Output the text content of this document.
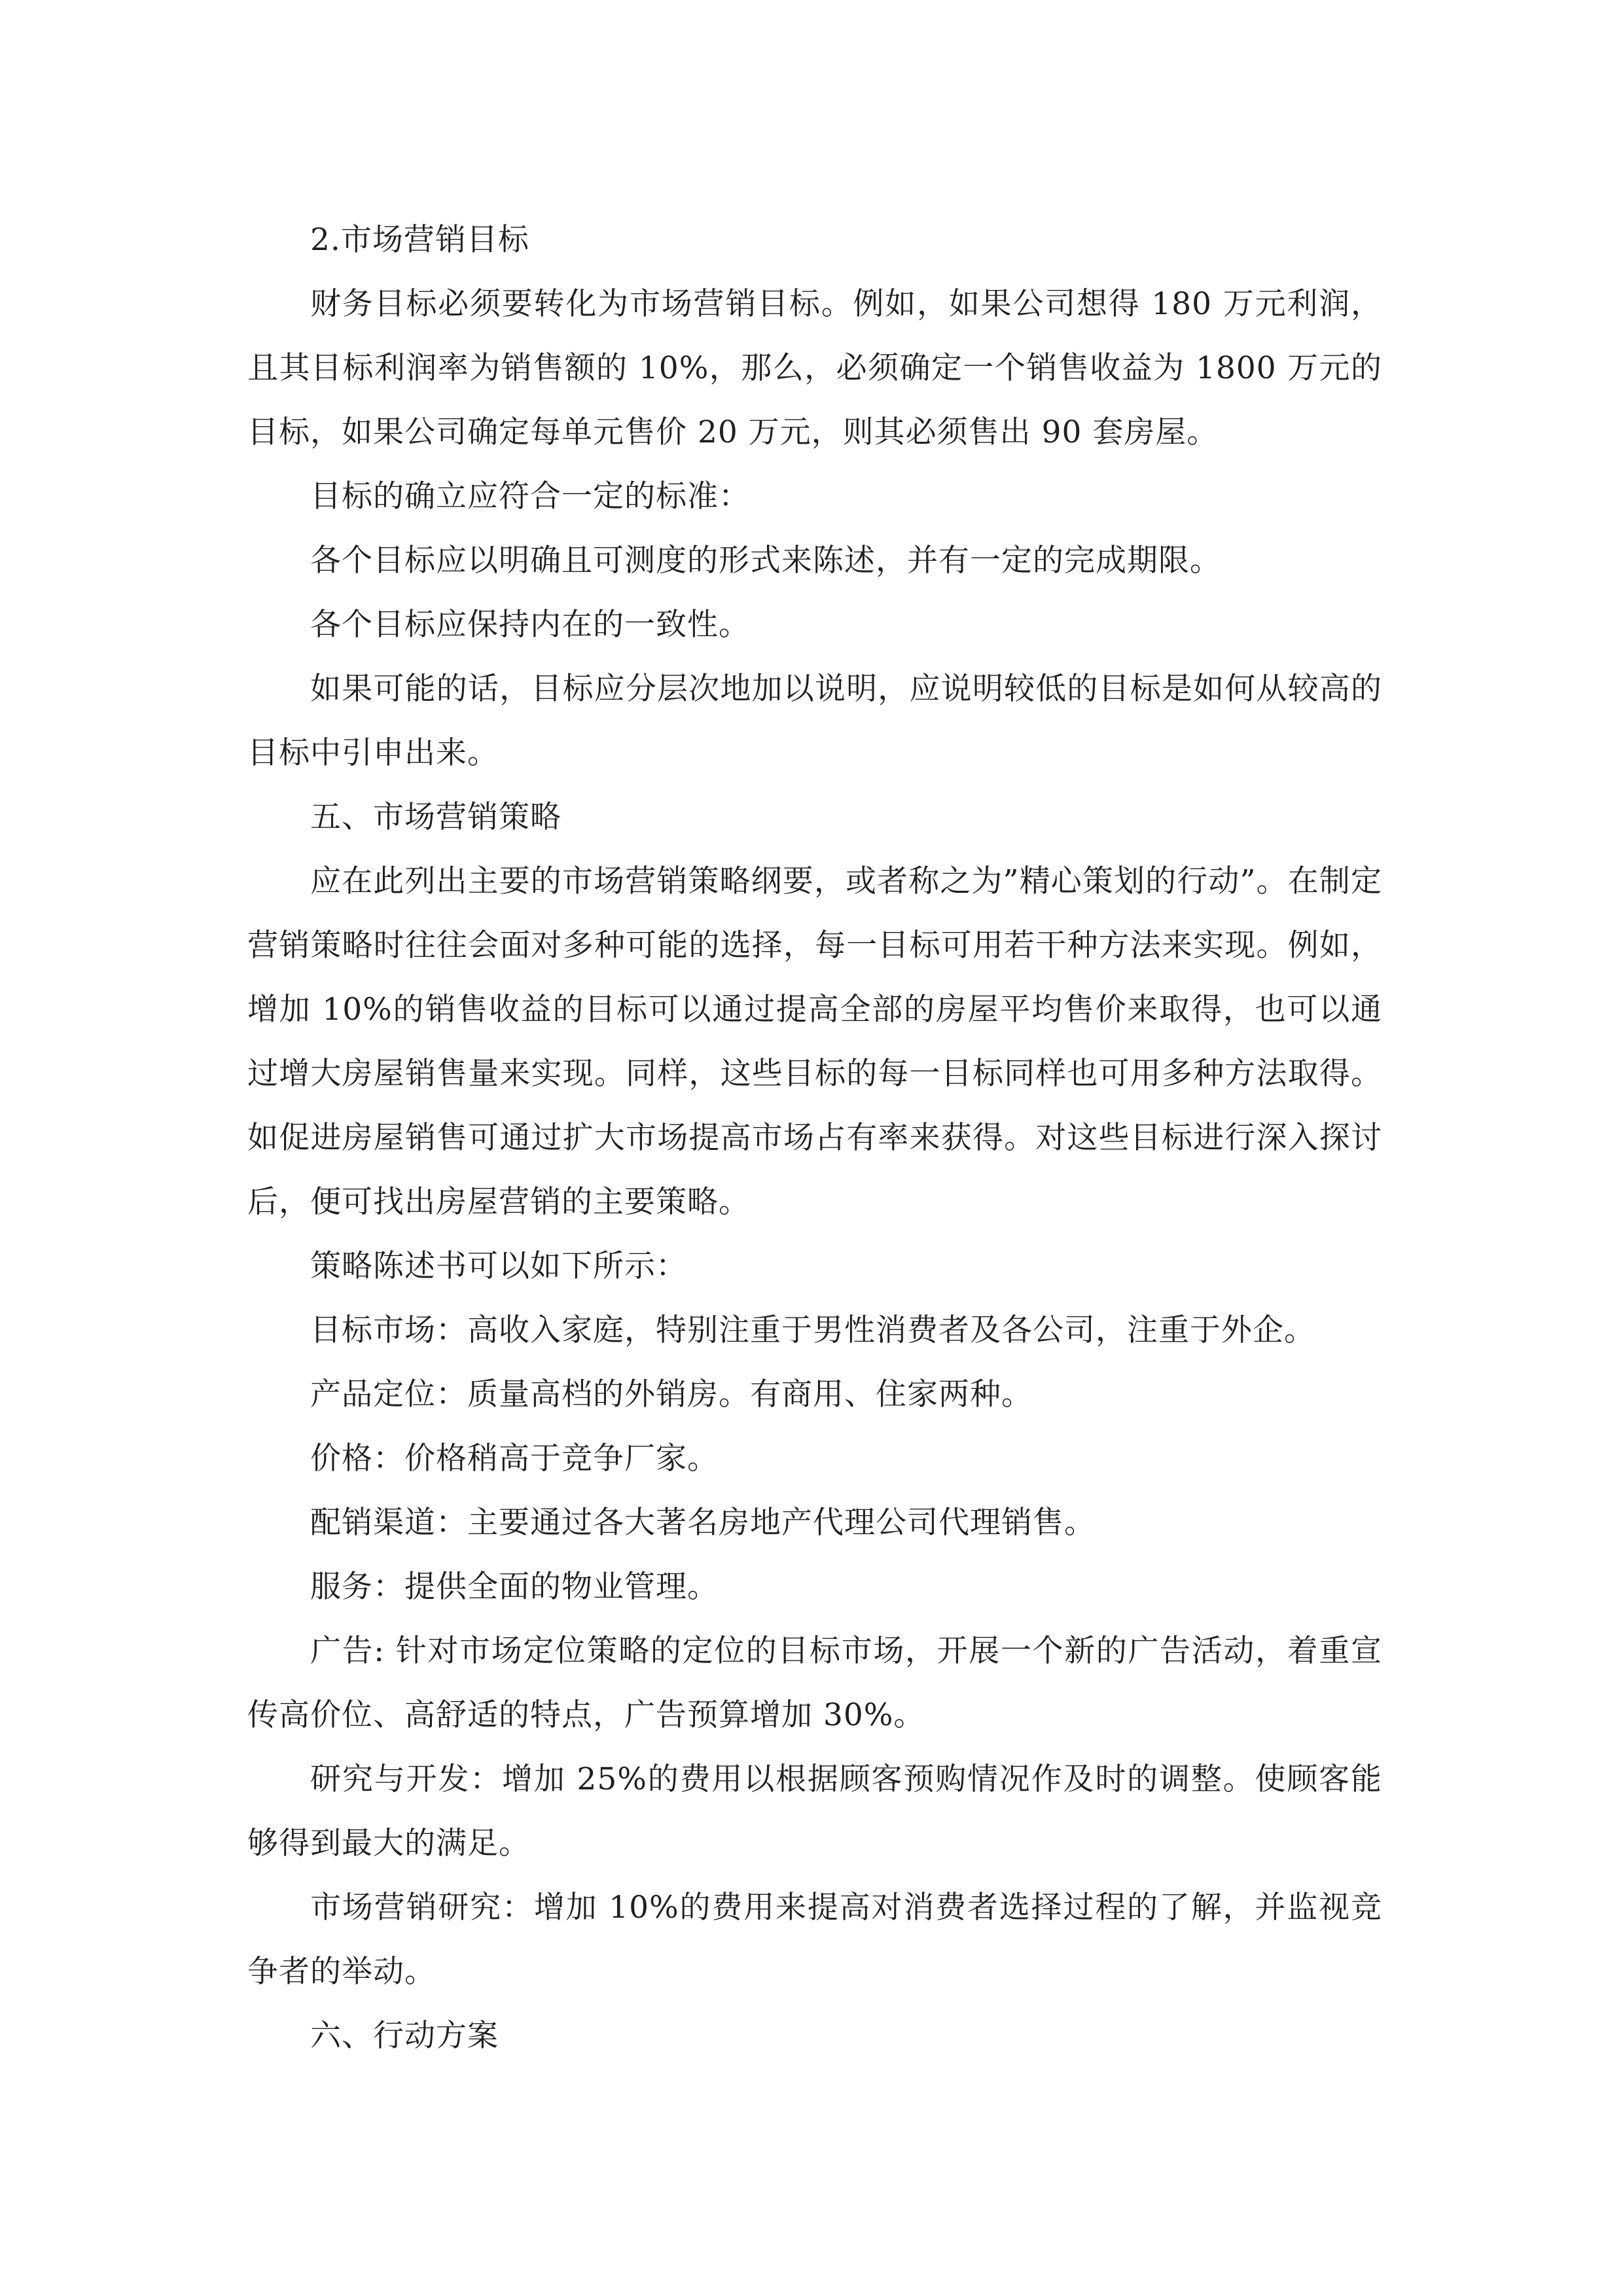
2.市场营销目标

财务目标必须要转化为市场营销目标。例如，如果公司想得 180 万元利润，且其目标利润率为销售额的 10%，那么，必须确定一个销售收益为 1800 万元的目标，如果公司确定每单元售价 20 万元，则其必须售出 90 套房屋。

目标的确立应符合一定的标准：

各个目标应以明确且可测度的形式来陈述，并有一定的完成期限。

各个目标应保持内在的一致性。

如果可能的话，目标应分层次地加以说明，应说明较低的目标是如何从较高的目标中引申出来。

五、市场营销策略

应在此列出主要的市场营销策略纲要，或者称之为”精心策划的行动”。在制定营销策略时往往会面对多种可能的选择，每一目标可用若干种方法来实现。例如，增加 10%的销售收益的目标可以通过提高全部的房屋平均售价来取得，也可以通过增大房屋销售量来实现。同样，这些目标的每一目标同样也可用多种方法取得。如促进房屋销售可通过扩大市场提高市场占有率来获得。对这些目标进行深入探讨后，便可找出房屋营销的主要策略。

策略陈述书可以如下所示：

目标市场：高收入家庭，特别注重于男性消费者及各公司，注重于外企。

产品定位：质量高档的外销房。有商用、住家两种。

价格：价格稍高于竞争厂家。

配销渠道：主要通过各大著名房地产代理公司代理销售。

服务：提供全面的物业管理。

广告: 针对市场定位策略的定位的目标市场，开展一个新的广告活动，着重宣传高价位、高舒适的特点，广告预算增加 30%。

研究与开发：增加 25%的费用以根据顾客预购情况作及时的调整。使顾客能够得到最大的满足。

市场营销研究：增加 10%的费用来提高对消费者选择过程的了解，并监视竞争者的举动。

六、行动方案
